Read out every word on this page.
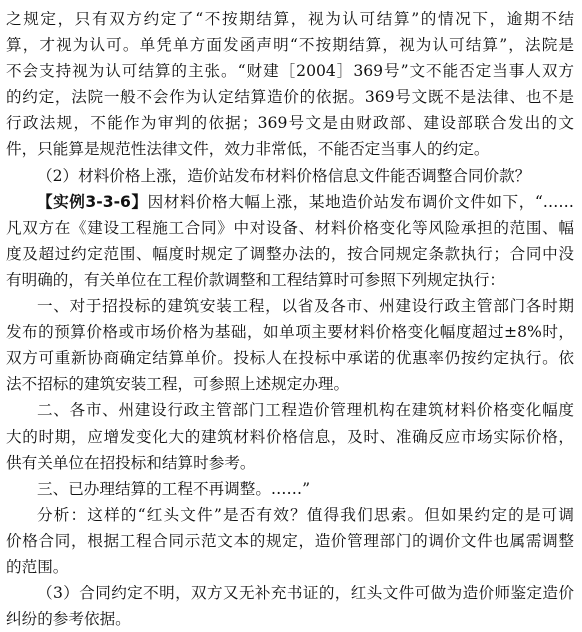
之规定，只有双方约定了“不按期结算，视为认可结算”的情况下，逾期不结
算，才视为认可。单凭单方面发函声明“不按期结算，视为认可结算”，法院是
不会支持视为认可结算的主张。“财建［2004］369号”文不能否定当事人双方
的约定，法院一般不会作为认定结算造价的依据。369号文既不是法律、也不是
行政法规，不能作为审判的依据；369号文是由财政部、建设部联合发出的文
件，只能算是规范性法律文件，效力非常低，不能否定当事人的约定。
（2）材料价格上涨，造价站发布材料价格信息文件能否调整合同价款？
【实例3-3-6】因材料价格大幅上涨，某地造价站发布调价文件如下，“……
凡双方在《建设工程施工合同》中对设备、材料价格变化等风险承担的范围、幅
度及超过约定范围、幅度时规定了调整办法的，按合同规定条款执行；合同中没
有明确的，有关单位在工程价款调整和工程结算时可参照下列规定执行：
一、对于招投标的建筑安装工程，以省及各市、州建设行政主管部门各时期
发布的预算价格或市场价格为基础，如单项主要材料价格变化幅度超过±8%时，
双方可重新协商确定结算单价。投标人在投标中承诺的优惠率仍按约定执行。依
法不招标的建筑安装工程，可参照上述规定办理。
二、各市、州建设行政主管部门工程造价管理机构在建筑材料价格变化幅度
大的时期，应增发变化大的建筑材料价格信息，及时、准确反应市场实际价格，
供有关单位在招投标和结算时参考。
三、已办理结算的工程不再调整。……”
分析：这样的“红头文件”是否有效？值得我们思索。但如果约定的是可调
价格合同，根据工程合同示范文本的规定，造价管理部门的调价文件也属需调整
的范围。
（3）合同约定不明，双方又无补充书证的，红头文件可做为造价师鉴定造价
纠纷的参考依据。
